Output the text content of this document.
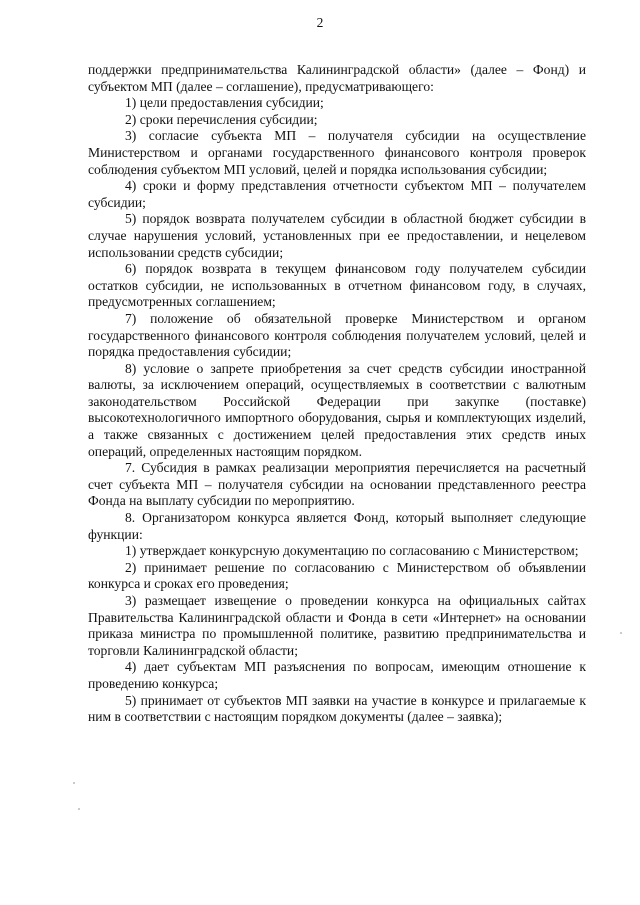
2

поддержки предпринимательства Калининградской области» (далее – Фонд) и субъектом МП (далее – соглашение), предусматривающего:

1) цели предоставления субсидии;

2) сроки перечисления субсидии;

3) согласие субъекта МП – получателя субсидии на осуществление Министерством и органами государственного финансового контроля проверок соблюдения субъектом МП условий, целей и порядка использования субсидии;

4) сроки и форму представления отчетности субъектом МП – получателем субсидии;

5) порядок возврата получателем субсидии в областной бюджет субсидии в случае нарушения условий, установленных при ее предоставлении, и нецелевом использовании средств субсидии;

6) порядок возврата в текущем финансовом году получателем субсидии остатков субсидии, не использованных в отчетном финансовом году, в случаях, предусмотренных соглашением;

7) положение об обязательной проверке Министерством и органом государственного финансового контроля соблюдения получателем условий, целей и порядка предоставления субсидии;

8) условие о запрете приобретения за счет средств субсидии иностранной валюты, за исключением операций, осуществляемых в соответствии с валютным законодательством Российской Федерации при закупке (поставке) высокотехнологичного импортного оборудования, сырья и комплектующих изделий, а также связанных с достижением целей предоставления этих средств иных операций, определенных настоящим порядком.

7. Субсидия в рамках реализации мероприятия перечисляется на расчетный счет субъекта МП – получателя субсидии на основании представленного реестра Фонда на выплату субсидии по мероприятию.

8. Организатором конкурса является Фонд, который выполняет следующие функции:

1) утверждает конкурсную документацию по согласованию с Министерством;

2) принимает решение по согласованию с Министерством об объявлении конкурса и сроках его проведения;

3) размещает извещение о проведении конкурса на официальных сайтах Правительства Калининградской области и Фонда в сети «Интернет» на основании приказа министра по промышленной политике, развитию предпринимательства и торговли Калининградской области;

4) дает субъектам МП разъяснения по вопросам, имеющим отношение к проведению конкурса;

5) принимает от субъектов МП заявки на участие в конкурсе и прилагаемые к ним в соответствии с настоящим порядком документы (далее – заявка);
